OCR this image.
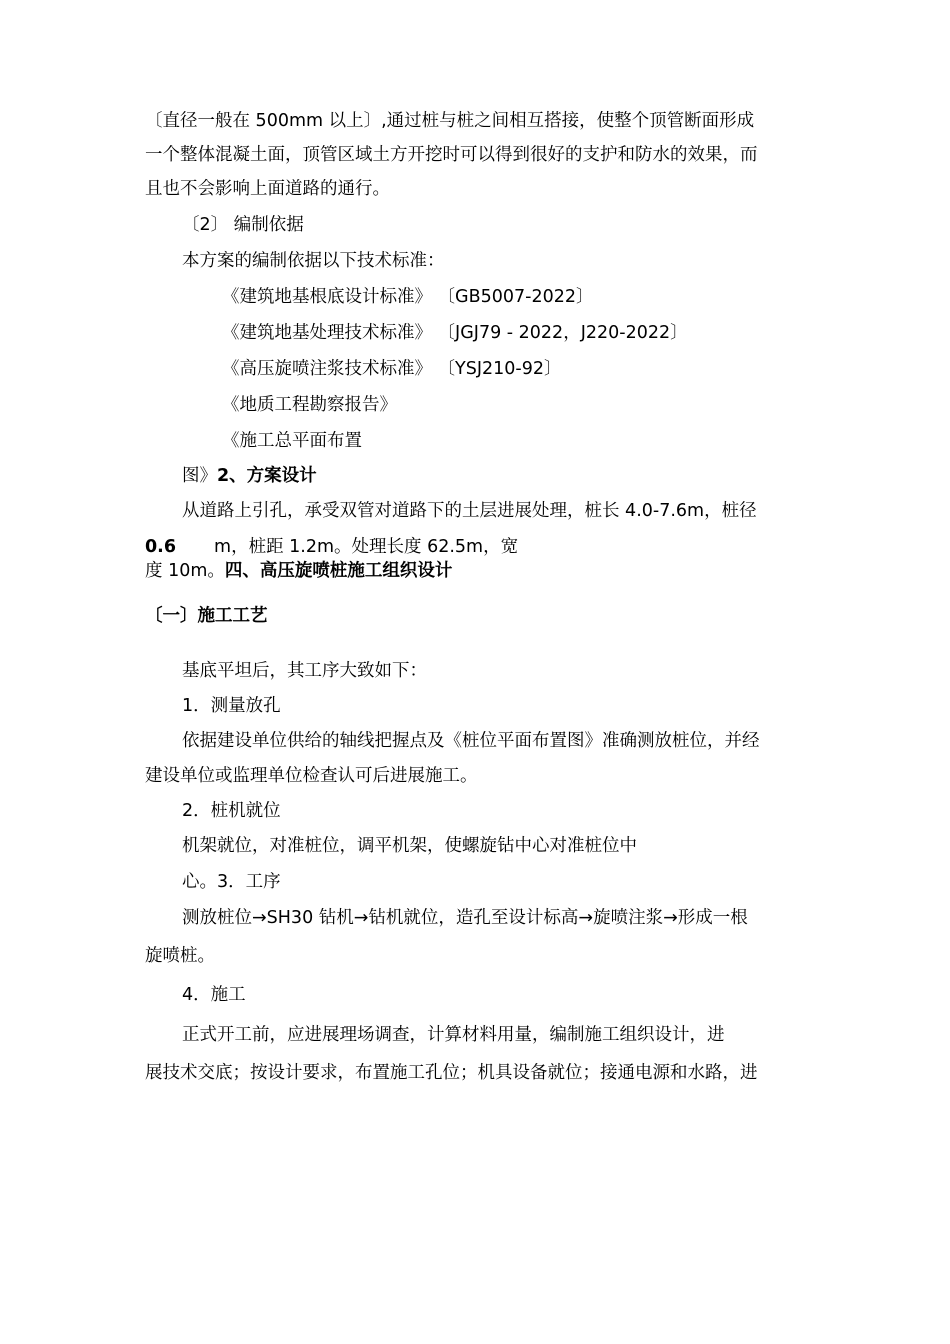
〔直径一般在 500mm 以上〕,通过桩与桩之间相互搭接，使整个顶管断面形成
一个整体混凝土面，顶管区域土方开挖时可以得到很好的支护和防水的效果，而
且也不会影响上面道路的通行。
〔2〕 编制依据
本方案的编制依据以下技术标准：
《建筑地基根底设计标准》 〔GB5007-2022〕
《建筑地基处理技术标准》 〔JGJ79 - 2022，J220-2022〕
《高压旋喷注浆技术标准》 〔YSJ210-92〕
《地质工程勘察报告》
《施工总平面布置
图》2、方案设计
从道路上引孔，承受双管对道路下的土层进展处理，桩长 4.0-7.6m，桩径
0.6 m，桩距 1.2m。处理长度 62.5m，宽
度 10m。四、高压旋喷桩施工组织设计
〔一〕施工工艺
基底平坦后，其工序大致如下：
1．测量放孔
依据建设单位供给的轴线把握点及《桩位平面布置图》准确测放桩位，并经
建设单位或监理单位检查认可后进展施工。
2．桩机就位
机架就位，对准桩位，调平机架，使螺旋钻中心对准桩位中
心。3．工序
测放桩位→SH30 钻机→钻机就位，造孔至设计标高→旋喷注浆→形成一根
旋喷桩。
4．施工
正式开工前，应进展理场调查，计算材料用量，编制施工组织设计，进
展技术交底；按设计要求，布置施工孔位；机具设备就位；接通电源和水路，进
